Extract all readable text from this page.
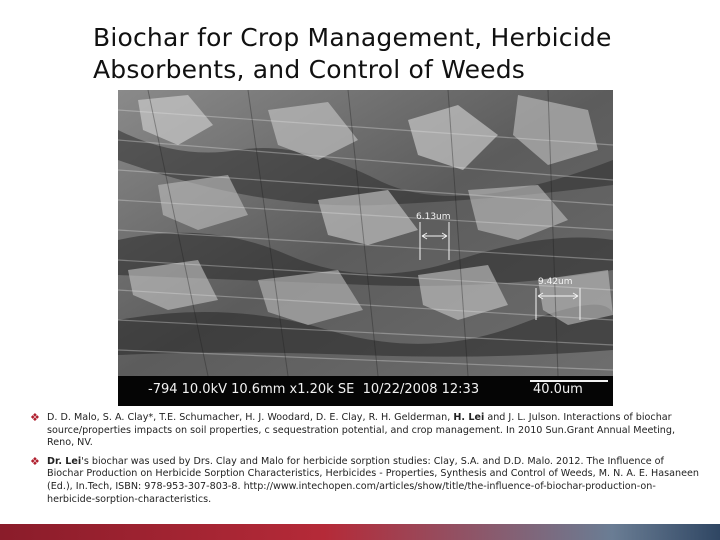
Biochar for Crop Management, Herbicide
Absorbents, and Control of Weeds
6.13um
9.42um
-794 10.0kV 10.6mm x1.20k SE  10/22/2008 12:33	40.0um
❖ D. D. Malo, S. A. Clay*, T.E. Schumacher, H. J. Woodard, D. E. Clay, R. H. Gelderman, H. Lei and J. L. Julson. Interactions of biochar source/properties impacts on soil properties, c sequestration potential, and crop management. In 2010 Sun.Grant Annual Meeting, Reno, NV.
❖ Dr. Lei's biochar was used by Drs. Clay and Malo for herbicide sorption studies: Clay, S.A. and D.D. Malo. 2012. The Influence of Biochar Production on Herbicide Sorption Characteristics, Herbicides - Properties, Synthesis and Control of Weeds, M. N. A. E. Hasaneen (Ed.), In.Tech, ISBN: 978-953-307-803-8. http://www.intechopen.com/articles/show/title/the-influence-of-biochar-production-on-herbicide-sorption-characteristics.
